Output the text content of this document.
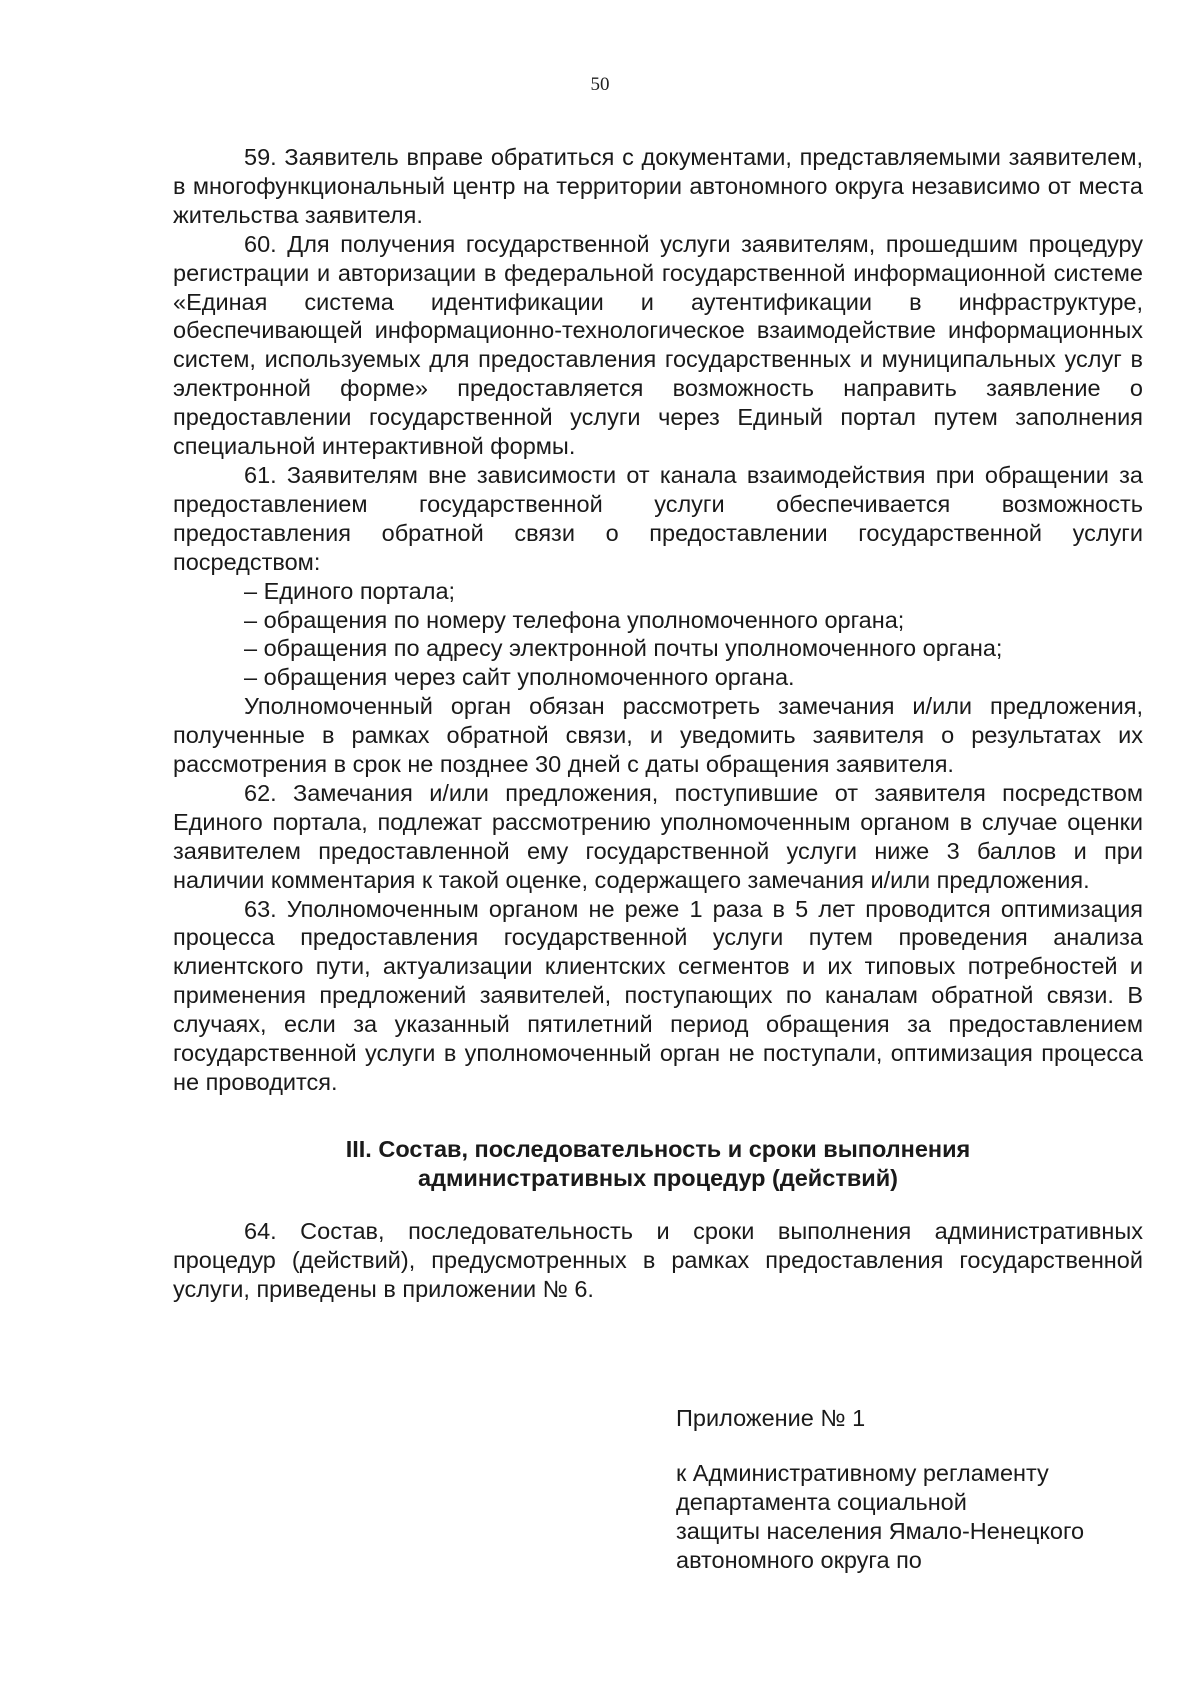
50

59. Заявитель вправе обратиться с документами, представляемыми заявителем, в многофункциональный центр на территории автономного округа независимо от места жительства заявителя.

60. Для получения государственной услуги заявителям, прошедшим процедуру регистрации и авторизации в федеральной государственной информационной системе «Единая система идентификации и аутентификации в инфраструктуре, обеспечивающей информационно-технологическое взаимодействие информационных систем, используемых для предоставления государственных и муниципальных услуг в электронной форме» предоставляется возможность направить заявление о предоставлении государственной услуги через Единый портал путем заполнения специальной интерактивной формы.

61. Заявителям вне зависимости от канала взаимодействия при обращении за предоставлением государственной услуги обеспечивается возможность предоставления обратной связи о предоставлении государственной услуги посредством:

– Единого портала;

– обращения по номеру телефона уполномоченного органа;

– обращения по адресу электронной почты уполномоченного органа;

– обращения через сайт уполномоченного органа.

Уполномоченный орган обязан рассмотреть замечания и/или предложения, полученные в рамках обратной связи, и уведомить заявителя о результатах их рассмотрения в срок не позднее 30 дней с даты обращения заявителя.

62. Замечания и/или предложения, поступившие от заявителя посредством Единого портала, подлежат рассмотрению уполномоченным органом в случае оценки заявителем предоставленной ему государственной услуги ниже 3 баллов и при наличии комментария к такой оценке, содержащего замечания и/или предложения.

63. Уполномоченным органом не реже 1 раза в 5 лет проводится оптимизация процесса предоставления государственной услуги путем проведения анализа клиентского пути, актуализации клиентских сегментов и их типовых потребностей и применения предложений заявителей, поступающих по каналам обратной связи. В случаях, если за указанный пятилетний период обращения за предоставлением государственной услуги в уполномоченный орган не поступали, оптимизация процесса не проводится.

III. Состав, последовательность и сроки выполнения
административных процедур (действий)

64. Состав, последовательность и сроки выполнения административных процедур (действий), предусмотренных в рамках предоставления государственной услуги, приведены в приложении № 6.

Приложение № 1

к Административному регламенту
департамента социальной
защиты населения Ямало-Ненецкого
автономного округа по
